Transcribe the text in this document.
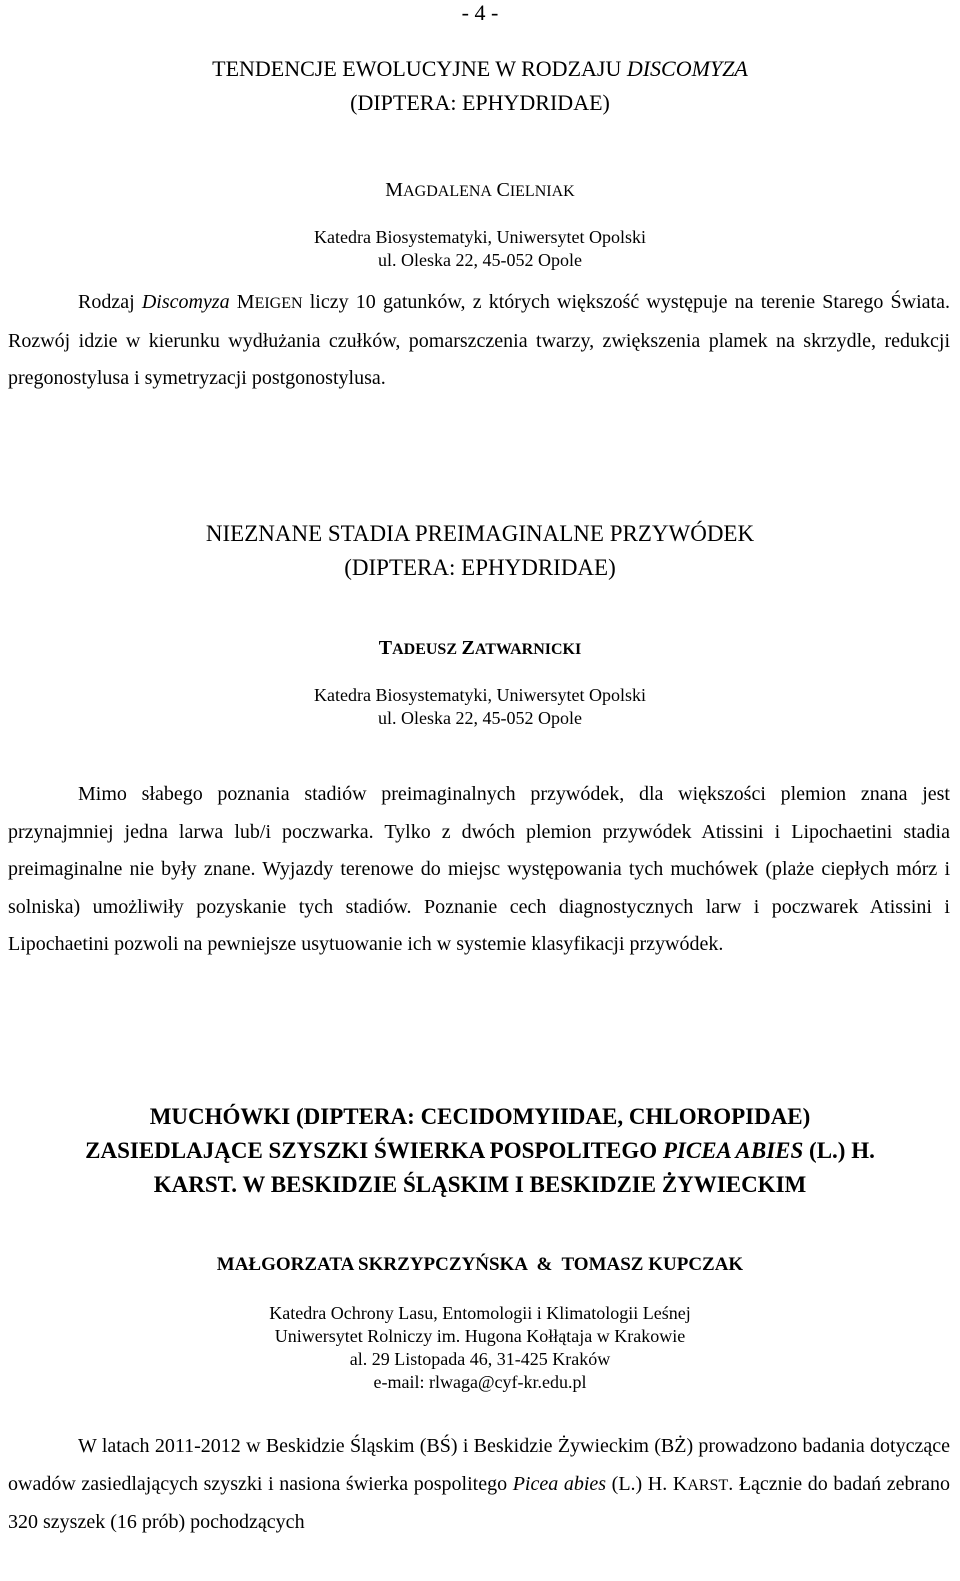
- 4 -
TENDENCJE EWOLUCYJNE W RODZAJU DISCOMYZA
(DIPTERA: EPHYDRIDAE)
MAGDALENA CIELNIAK
Katedra Biosystematyki, Uniwersytet Opolski
ul. Oleska 22, 45-052 Opole

Rodzaj Discomyza MEIGEN liczy 10 gatunków, z których większość występuje na terenie Starego Świata. Rozwój idzie w kierunku wydłużania czułków, pomarszczenia twarzy, zwiększenia plamek na skrzydle, redukcji pregonostylusa i symetryzacji postgonostylusa.

NIEZNANE STADIA PREIMAGINALNE PRZYWÓDEK
(DIPTERA: EPHYDRIDAE)
TADEUSZ ZATWARNICKI
Katedra Biosystematyki, Uniwersytet Opolski
ul. Oleska 22, 45-052 Opole

Mimo słabego poznania stadiów preimaginalnych przywódek, dla większości plemion znana jest przynajmniej jedna larwa lub/i poczwarka. Tylko z dwóch plemion przywódek Atissini i Lipochaetini stadia preimaginalne nie były znane. Wyjazdy terenowe do miejsc występowania tych muchówek (plaże ciepłych mórz i solniska) umożliwiły pozyskanie tych stadiów. Poznanie cech diagnostycznych larw i poczwarek Atissini i Lipochaetini pozwoli na pewniejsze usytuowanie ich w systemie klasyfikacji przywódek.

MUCHÓWKI (DIPTERA: CECIDOMYIIDAE, CHLOROPIDAE)
ZASIEDLAJĄCE SZYSZKI ŚWIERKA POSPOLITEGO PICEA ABIES (L.) H.
KARST. W BESKIDZIE ŚLĄSKIM I BESKIDZIE ŻYWIECKIM
MAŁGORZATA SKRZYPCZYŃSKA  &  TOMASZ KUPCZAK
Katedra Ochrony Lasu, Entomologii i Klimatologii Leśnej
Uniwersytet Rolniczy im. Hugona Kołłątaja w Krakowie
al. 29 Listopada 46, 31-425 Kraków
e-mail: rlwaga@cyf-kr.edu.pl

W latach 2011-2012 w Beskidzie Śląskim (BŚ) i Beskidzie Żywieckim (BŻ) prowadzono badania dotyczące owadów zasiedlających szyszki i nasiona świerka pospolitego Picea abies (L.) H. KARST. Łącznie do badań zebrano 320 szyszek (16 prób) pochodzących
